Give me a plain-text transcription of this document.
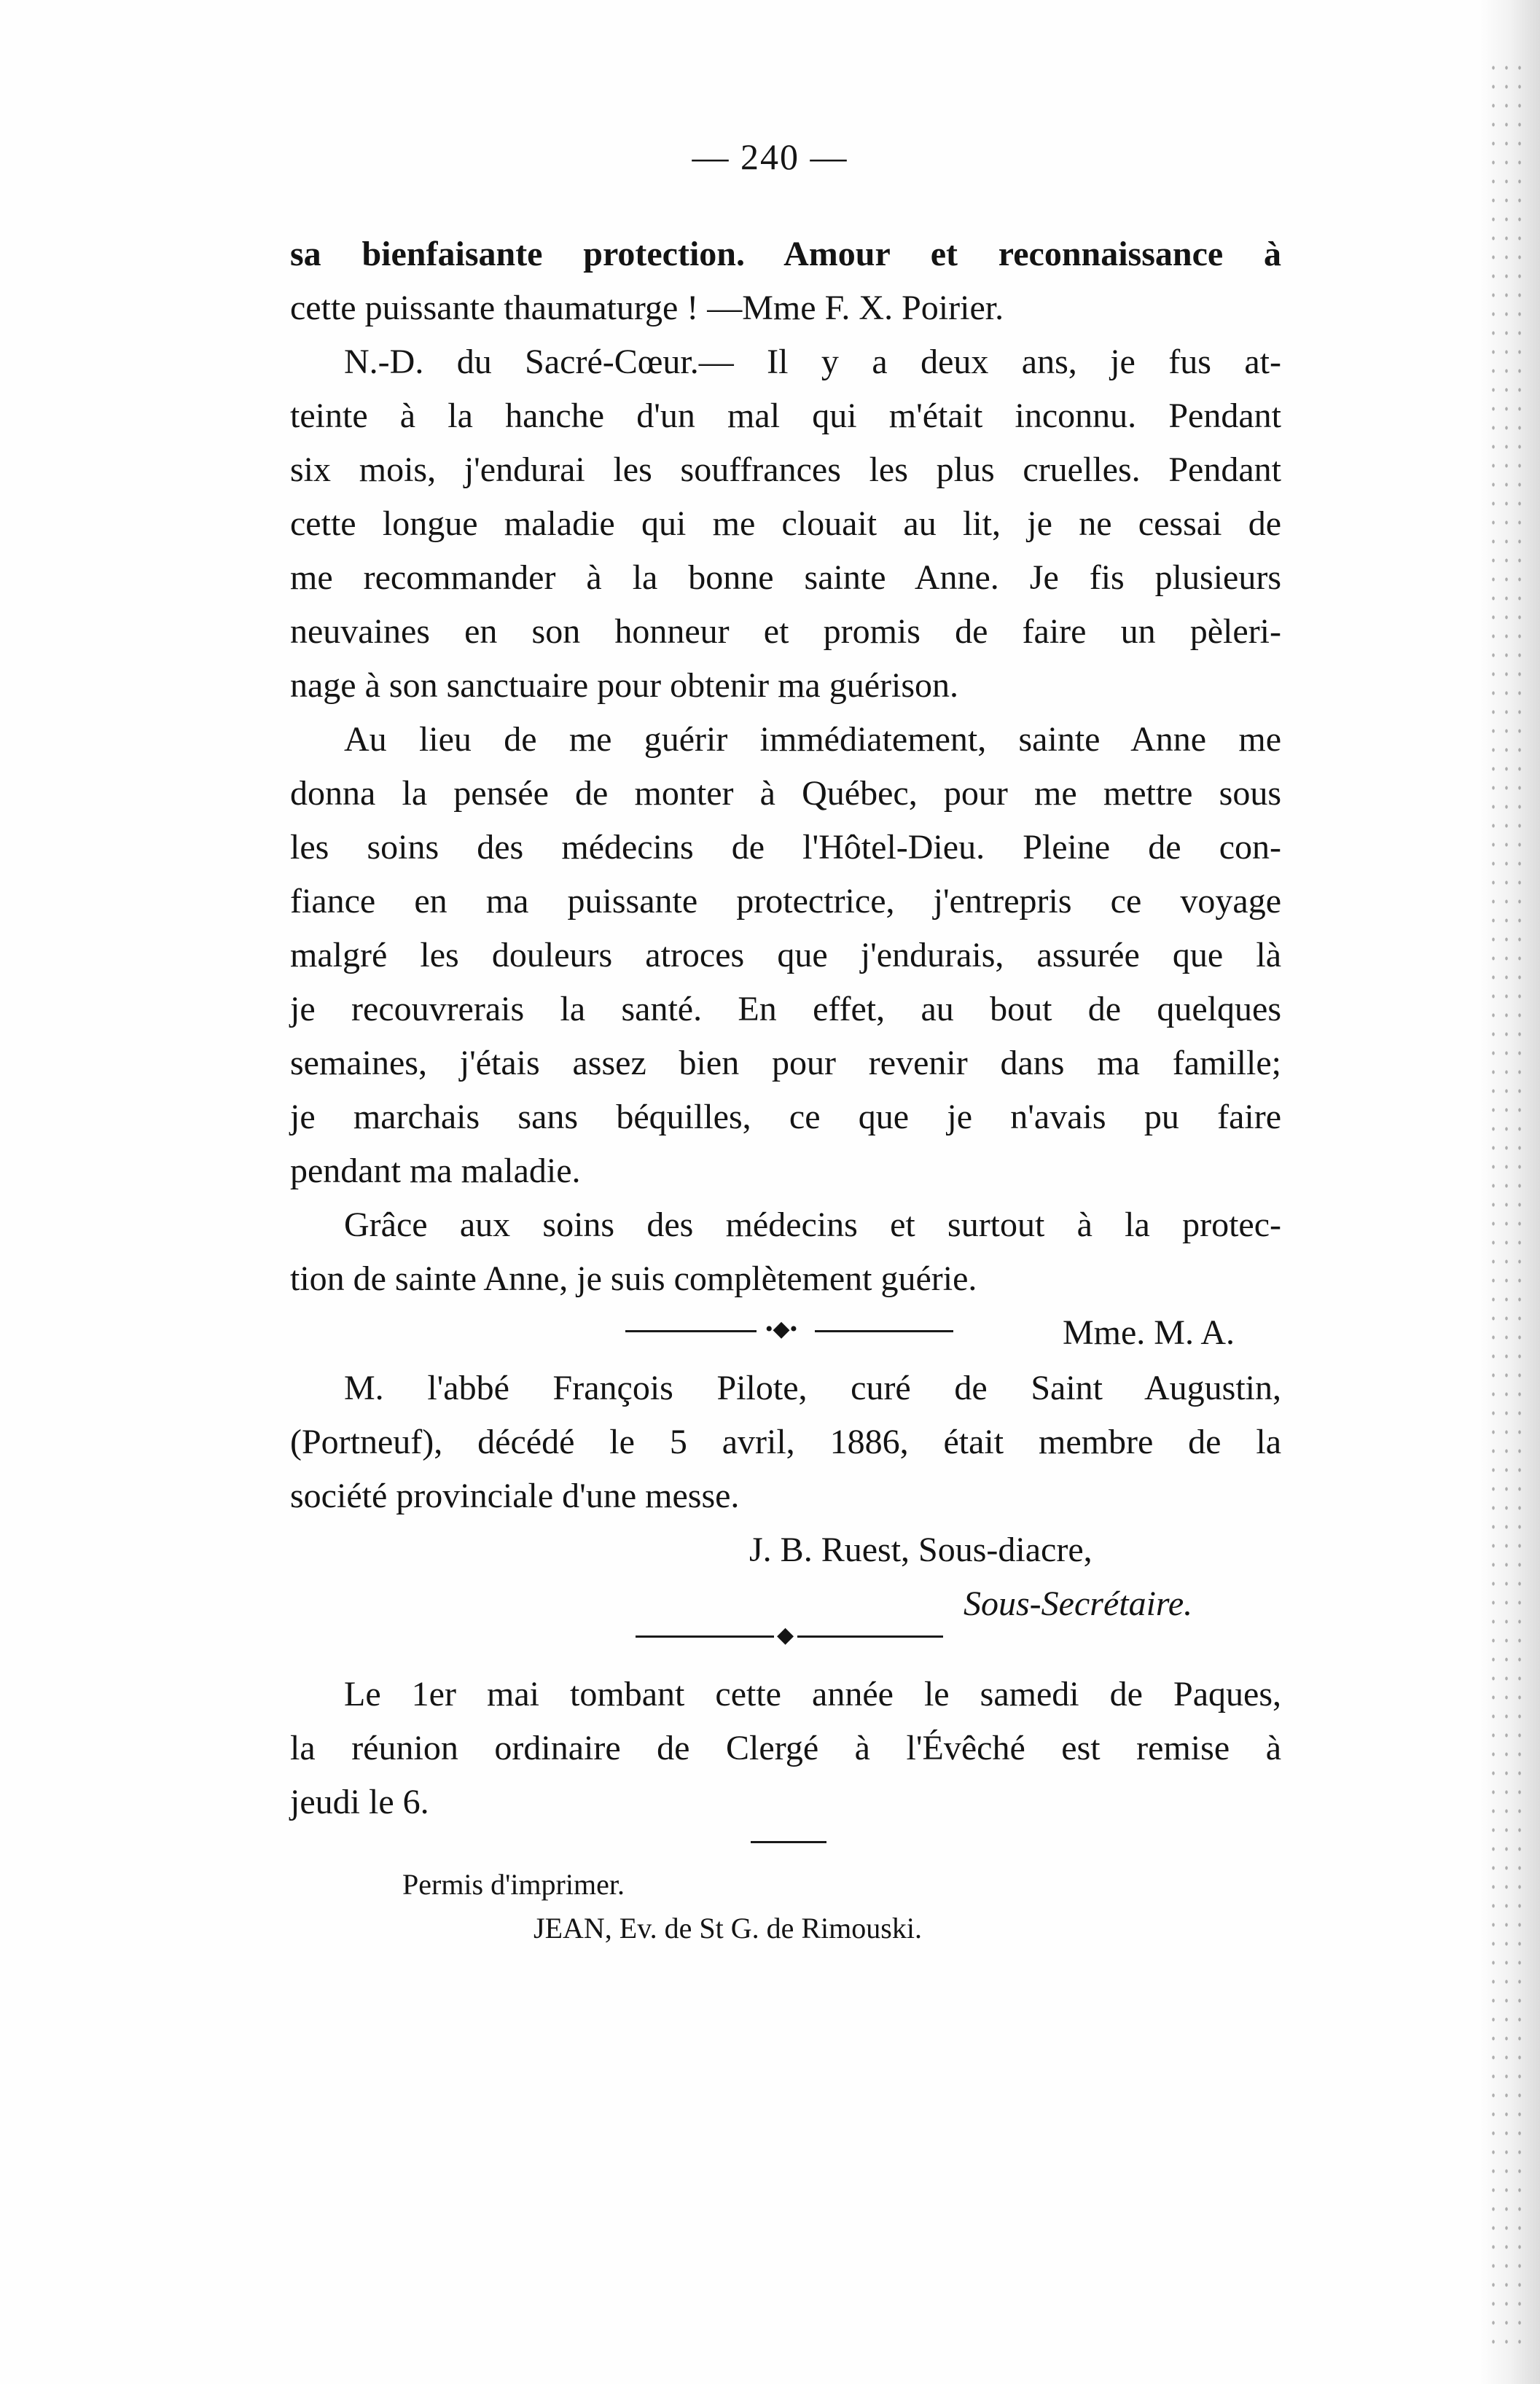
— 240 —
sa bienfaisante protection. Amour et reconnaissance à
cette puissante thaumaturge ! —Mme F. X. Poirier.
N.-D. du Sacré-Cœur.— Il y a deux ans, je fus at-
teinte à la hanche d'un mal qui m'était inconnu. Pendant
six mois, j'endurai les souffrances les plus cruelles. Pendant
cette longue maladie qui me clouait au lit, je ne cessai de
me recommander à la bonne sainte Anne. Je fis plusieurs
neuvaines en son honneur et promis de faire un pèleri-
nage à son sanctuaire pour obtenir ma guérison.
Au lieu de me guérir immédiatement, sainte Anne me
donna la pensée de monter à Québec, pour me mettre sous
les soins des médecins de l'Hôtel-Dieu. Pleine de con-
fiance en ma puissante protectrice, j'entrepris ce voyage
malgré les douleurs atroces que j'endurais, assurée que là
je recouvrerais la santé. En effet, au bout de quelques
semaines, j'étais assez bien pour revenir dans ma famille;
je marchais sans béquilles, ce que je n'avais pu faire
pendant ma maladie.
Grâce aux soins des médecins et surtout à la protec-
tion de sainte Anne, je suis complètement guérie.
Mme. M. A.
•◆•
M. l'abbé François Pilote, curé de Saint Augustin,
(Portneuf), décédé le 5 avril, 1886, était membre de la
société provinciale d'une messe.
J. B. Ruest, Sous-diacre,
Sous-Secrétaire.
◆
Le 1er mai tombant cette année le samedi de Paques,
la réunion ordinaire de Clergé à l'Évêché est remise à
jeudi le 6.
Permis d'imprimer.
JEAN, Ev. de St G. de Rimouski.
